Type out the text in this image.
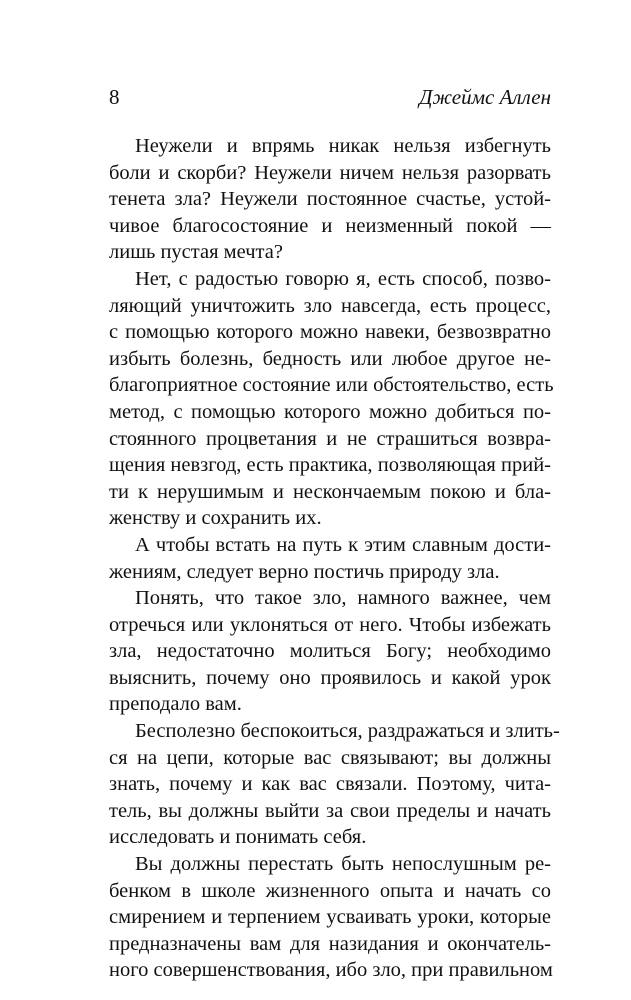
8	Джеймс Аллен
Неужели и впрямь никак нельзя избегнуть
боли и скорби? Неужели ничем нельзя разорвать
тенета зла? Неужели постоянное счастье, устой-
чивое благосостояние и неизменный покой —
лишь пустая мечта?
Нет, с радостью говорю я, есть способ, позво-
ляющий уничтожить зло навсегда, есть процесс,
с помощью которого можно навеки, безвозвратно
избыть болезнь, бедность или любое другое не-
благоприятное состояние или обстоятельство, есть
метод, с помощью которого можно добиться по-
стоянного процветания и не страшиться возвра-
щения невзгод, есть практика, позволяющая прий-
ти к нерушимым и нескончаемым покою и бла-
женству и сохранить их.
А чтобы встать на путь к этим славным дости-
жениям, следует верно постичь природу зла.
Понять, что такое зло, намного важнее, чем
отречься или уклоняться от него. Чтобы избежать
зла, недостаточно молиться Богу; необходимо
выяснить, почему оно проявилось и какой урок
преподало вам.
Бесполезно беспокоиться, раздражаться и злить-
ся на цепи, которые вас связывают; вы должны
знать, почему и как вас связали. Поэтому, чита-
тель, вы должны выйти за свои пределы и начать
исследовать и понимать себя.
Вы должны перестать быть непослушным ре-
бенком в школе жизненного опыта и начать со
смирением и терпением усваивать уроки, которые
предназначены вам для назидания и окончатель-
ного совершенствования, ибо зло, при правильном
